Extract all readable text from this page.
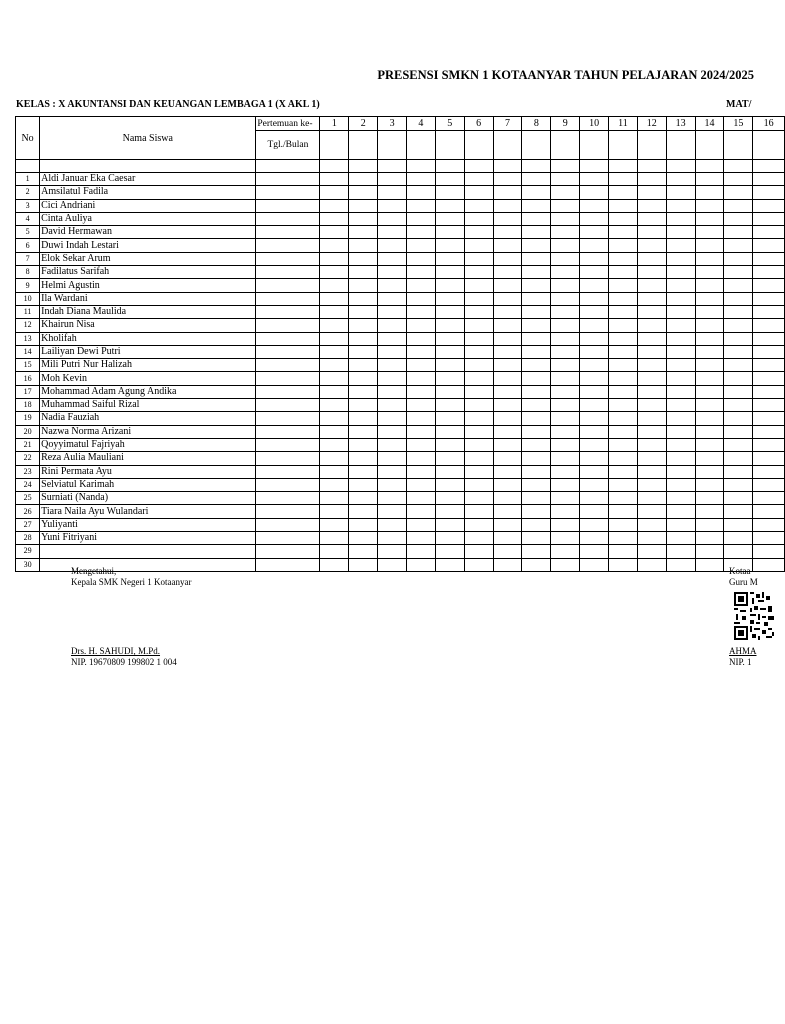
PRESENSI SMKN 1 KOTAANYAR TAHUN PELAJARAN 2024/2025
KELAS : X AKUNTANSI DAN KEUANGAN LEMBAGA 1 (X AKL 1)	MAT/
No	Nama Siswa	Pertemuan ke-	1	2	3	4	5	6	7	8	9	10	11	12	13	14	15	16
		Tgl./Bulan																

1	Aldi Januar Eka Caesar																	
2	Amsilatul Fadila																	
3	Cici Andriani																	
4	Cinta Auliya																	
5	David Hermawan																	
6	Duwi Indah Lestari																	
7	Elok Sekar Arum																	
8	Fadilatus Sarifah																	
9	Helmi Agustin																	
10	Ila Wardani																	
11	Indah Diana Maulida																	
12	Khairun Nisa																	
13	Kholifah																	
14	Lailiyan Dewi Putri																	
15	Mili Putri Nur Halizah																	
16	Moh Kevin																	
17	Mohammad Adam Agung Andika																	
18	Muhammad Saiful Rizal																	
19	Nadia Fauziah																	
20	Nazwa Norma Arizani																	
21	Qoyyimatul Fajriyah																	
22	Reza Aulia Mauliani																	
23	Rini Permata Ayu																	
24	Selviatul Karimah																	
25	Surniati (Nanda)																	
26	Tiara Naila Ayu Wulandari																	
27	Yuliyanti																	
28	Yuni Fitriyani																	
29																		
30																		
Mengetahui,
Kepala SMK Negeri 1 Kotaanyar
Drs. H. SAHUDI, M.Pd.
NIP. 19670809 199802 1 004
Kotaa
Guru M
AHMA
NIP. 1
